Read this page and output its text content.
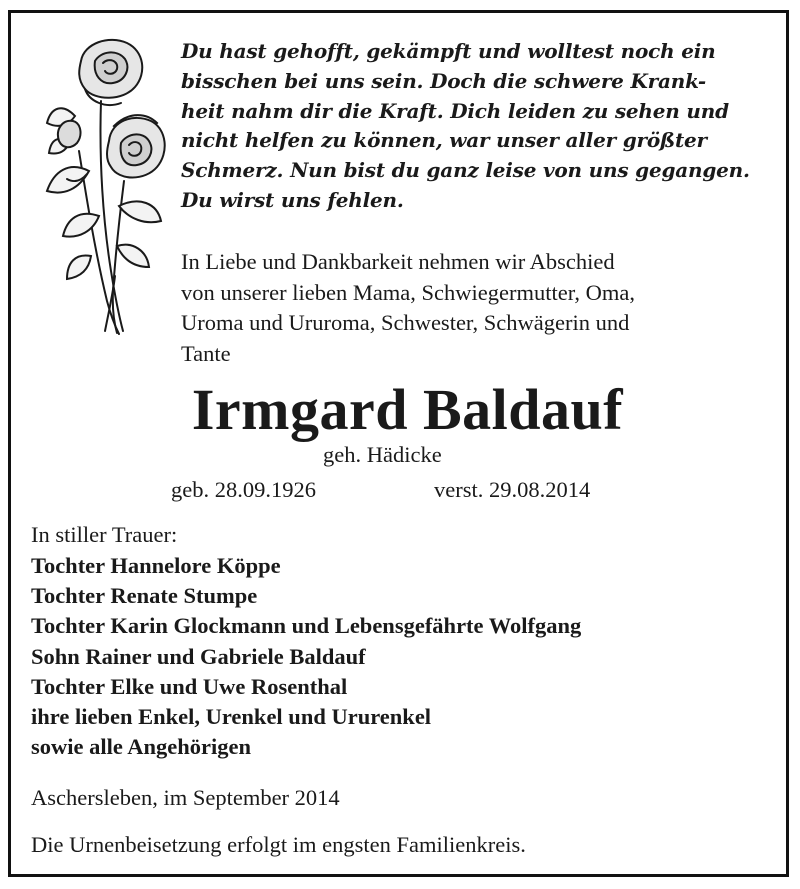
Du hast gehofft, gekämpft und wolltest noch ein
bisschen bei uns sein. Doch die schwere Krank-
heit nahm dir die Kraft. Dich leiden zu sehen und
nicht helfen zu können, war unser aller größter
Schmerz. Nun bist du ganz leise von uns gegangen.
Du wirst uns fehlen.
In Liebe und Dankbarkeit nehmen wir Abschied
von unserer lieben Mama, Schwiegermutter, Oma,
Uroma und Ururoma, Schwester, Schwägerin und
Tante
Irmgard Baldauf
geh. Hädicke
geb. 28.09.1926	verst. 29.08.2014
In stiller Trauer:
Tochter Hannelore Köppe
Tochter Renate Stumpe
Tochter Karin Glockmann und Lebensgefährte Wolfgang
Sohn Rainer und Gabriele Baldauf
Tochter Elke und Uwe Rosenthal
ihre lieben Enkel, Urenkel und Ururenkel
sowie alle Angehörigen
Aschersleben, im September 2014
Die Urnenbeisetzung erfolgt im engsten Familienkreis.
